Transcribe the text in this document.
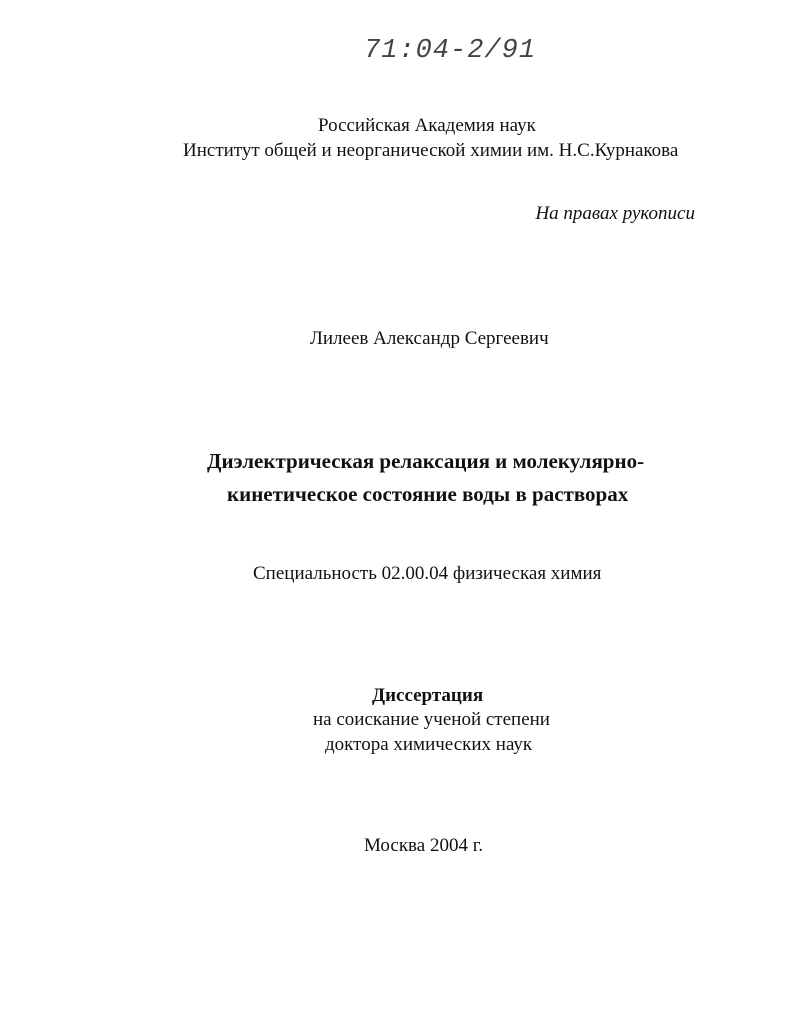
71:04-2/91
Российская Академия наук
Институт общей и неорганической химии им. Н.С.Курнакова
На правах рукописи
Лилеев Александр Сергеевич
Диэлектрическая релаксация и молекулярно-
кинетическое состояние воды в растворах
Специальность 02.00.04 физическая химия
Диссертация
на соискание ученой степени
доктора химических наук
Москва 2004 г.
